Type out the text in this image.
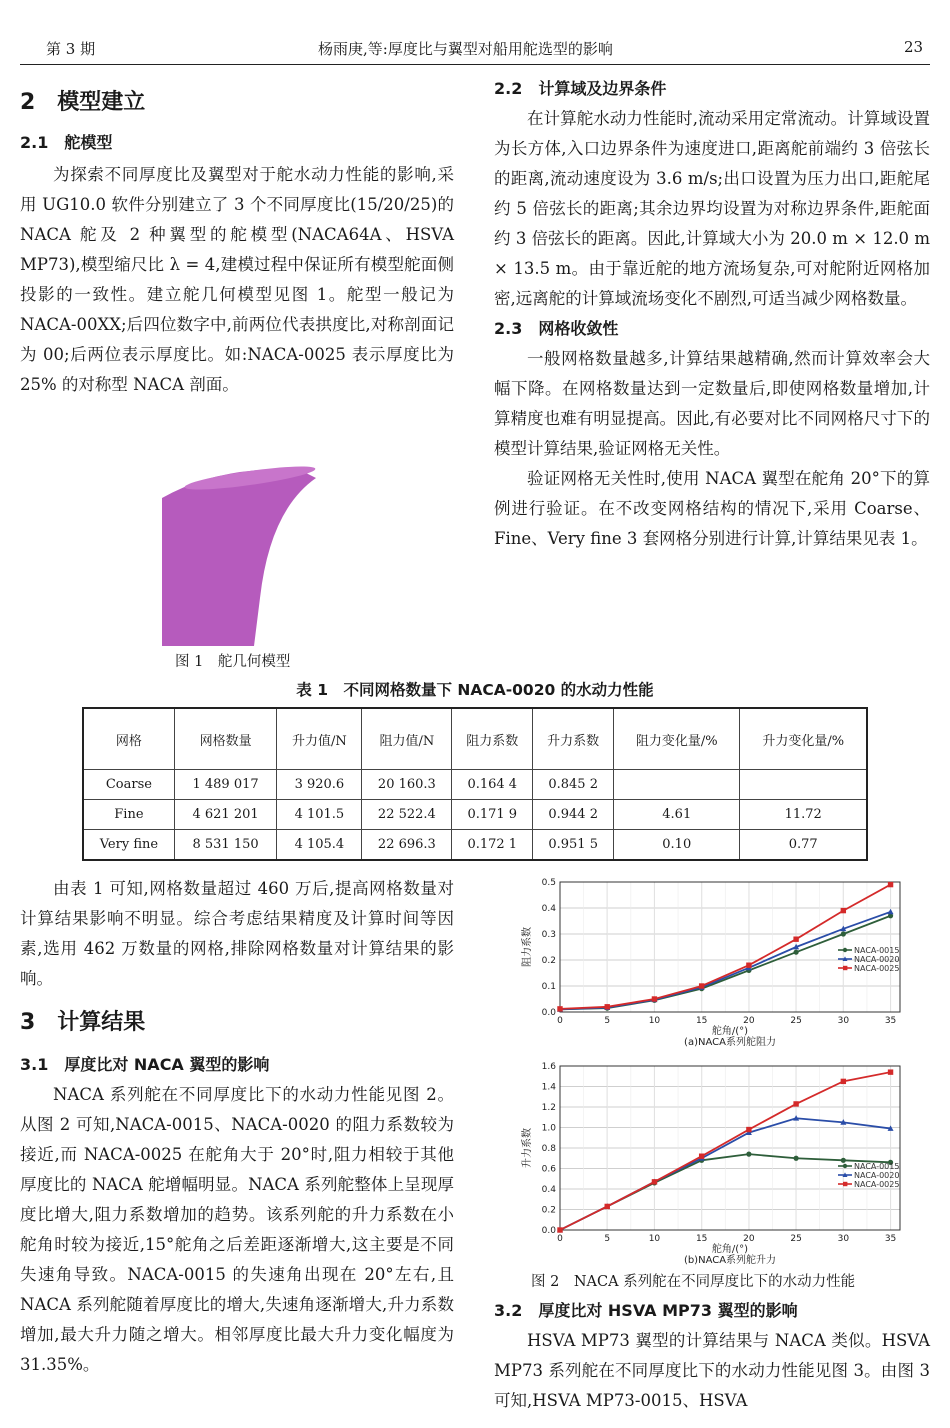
第 3 期	杨雨庚,等:厚度比与翼型对船用舵选型的影响	23
2　模型建立
2.1　舵模型

为探索不同厚度比及翼型对于舵水动力性能的影响,采用 UG10.0 软件分别建立了 3 个不同厚度比(15/20/25)的 NACA 舵及 2 种翼型的舵模型(NACA64A、HSVA MP73),模型缩尺比 λ = 4,建模过程中保证所有模型舵面侧投影的一致性。建立舵几何模型见图 1。舵型一般记为 NACA-00XX;后四位数字中,前两位代表拱度比,对称剖面记为 00;后两位表示厚度比。如:NACA-0025 表示厚度比为 25% 的对称型 NACA 剖面。

图 1　舵几何模型
2.2　计算域及边界条件

在计算舵水动力性能时,流动采用定常流动。计算域设置为长方体,入口边界条件为速度进口,距离舵前端约 3 倍弦长的距离,流动速度设为 3.6 m/s;出口设置为压力出口,距舵尾约 5 倍弦长的距离;其余边界均设置为对称边界条件,距舵面约 3 倍弦长的距离。因此,计算域大小为 20.0 m × 12.0 m × 13.5 m。由于靠近舵的地方流场复杂,可对舵附近网格加密,远离舵的计算域流场变化不剧烈,可适当减少网格数量。

2.3　网格收敛性

一般网格数量越多,计算结果越精确,然而计算效率会大幅下降。在网格数量达到一定数量后,即使网格数量增加,计算精度也难有明显提高。因此,有必要对比不同网格尺寸下的模型计算结果,验证网格无关性。

验证网格无关性时,使用 NACA 翼型在舵角 20°下的算例进行验证。在不改变网格结构的情况下,采用 Coarse、Fine、Very fine 3 套网格分别进行计算,计算结果见表 1。

表 1　不同网格数量下 NACA-0020 的水动力性能
网格	网格数量	升力值/N	阻力值/N	阻力系数	升力系数	阻力变化量/%	升力变化量/%
Coarse	1 489 017	3 920.6	20 160.3	0.164 4	0.845 2		
Fine	4 621 201	4 101.5	22 522.4	0.171 9	0.944 2	4.61	11.72
Very fine	8 531 150	4 105.4	22 696.3	0.172 1	0.951 5	0.10	0.77

由表 1 可知,网格数量超过 460 万后,提高网格数量对计算结果影响不明显。综合考虑结果精度及计算时间等因素,选用 462 万数量的网格,排除网格数量对计算结果的影响。

3　计算结果
3.1　厚度比对 NACA 翼型的影响

NACA 系列舵在不同厚度比下的水动力性能见图 2。从图 2 可知,NACA-0015、NACA-0020 的阻力系数较为接近,而 NACA-0025 在舵角大于 20°时,阻力相较于其他厚度比的 NACA 舵增幅明显。NACA 系列舵整体上呈现厚度比增大,阻力系数增加的趋势。该系列舵的升力系数在小舵角时较为接近,15°舵角之后差距逐渐增大,这主要是不同失速角导致。NACA-0015 的失速角出现在 20°左右,且 NACA 系列舵随着厚度比的增大,失速角逐渐增大,升力系数增加,最大升力随之增大。相邻厚度比最大升力变化幅度为 31.35%。

0	5	10	15	20	25	30	35
0.0
0.1
0.2
0.3
0.4
0.5
NACA-0015
NACA-0020
NACA-0025
舵角/(°)
(a)NACA系列舵阻力
阻力系数
0	5	10	15	20	25	30	35
0.0
0.2
0.4
0.6
0.8
1.0
1.2
1.4
1.6
NACA-0015
NACA-0020
NACA-0025
舵角/(°)
(b)NACA系列舵升力
升力系数
图 2　NACA 系列舵在不同厚度比下的水动力性能
3.2　厚度比对 HSVA MP73 翼型的影响

HSVA MP73 翼型的计算结果与 NACA 类似。HSVA MP73 系列舵在不同厚度比下的水动力性能见图 3。由图 3 可知,HSVA MP73-0015、HSVA
